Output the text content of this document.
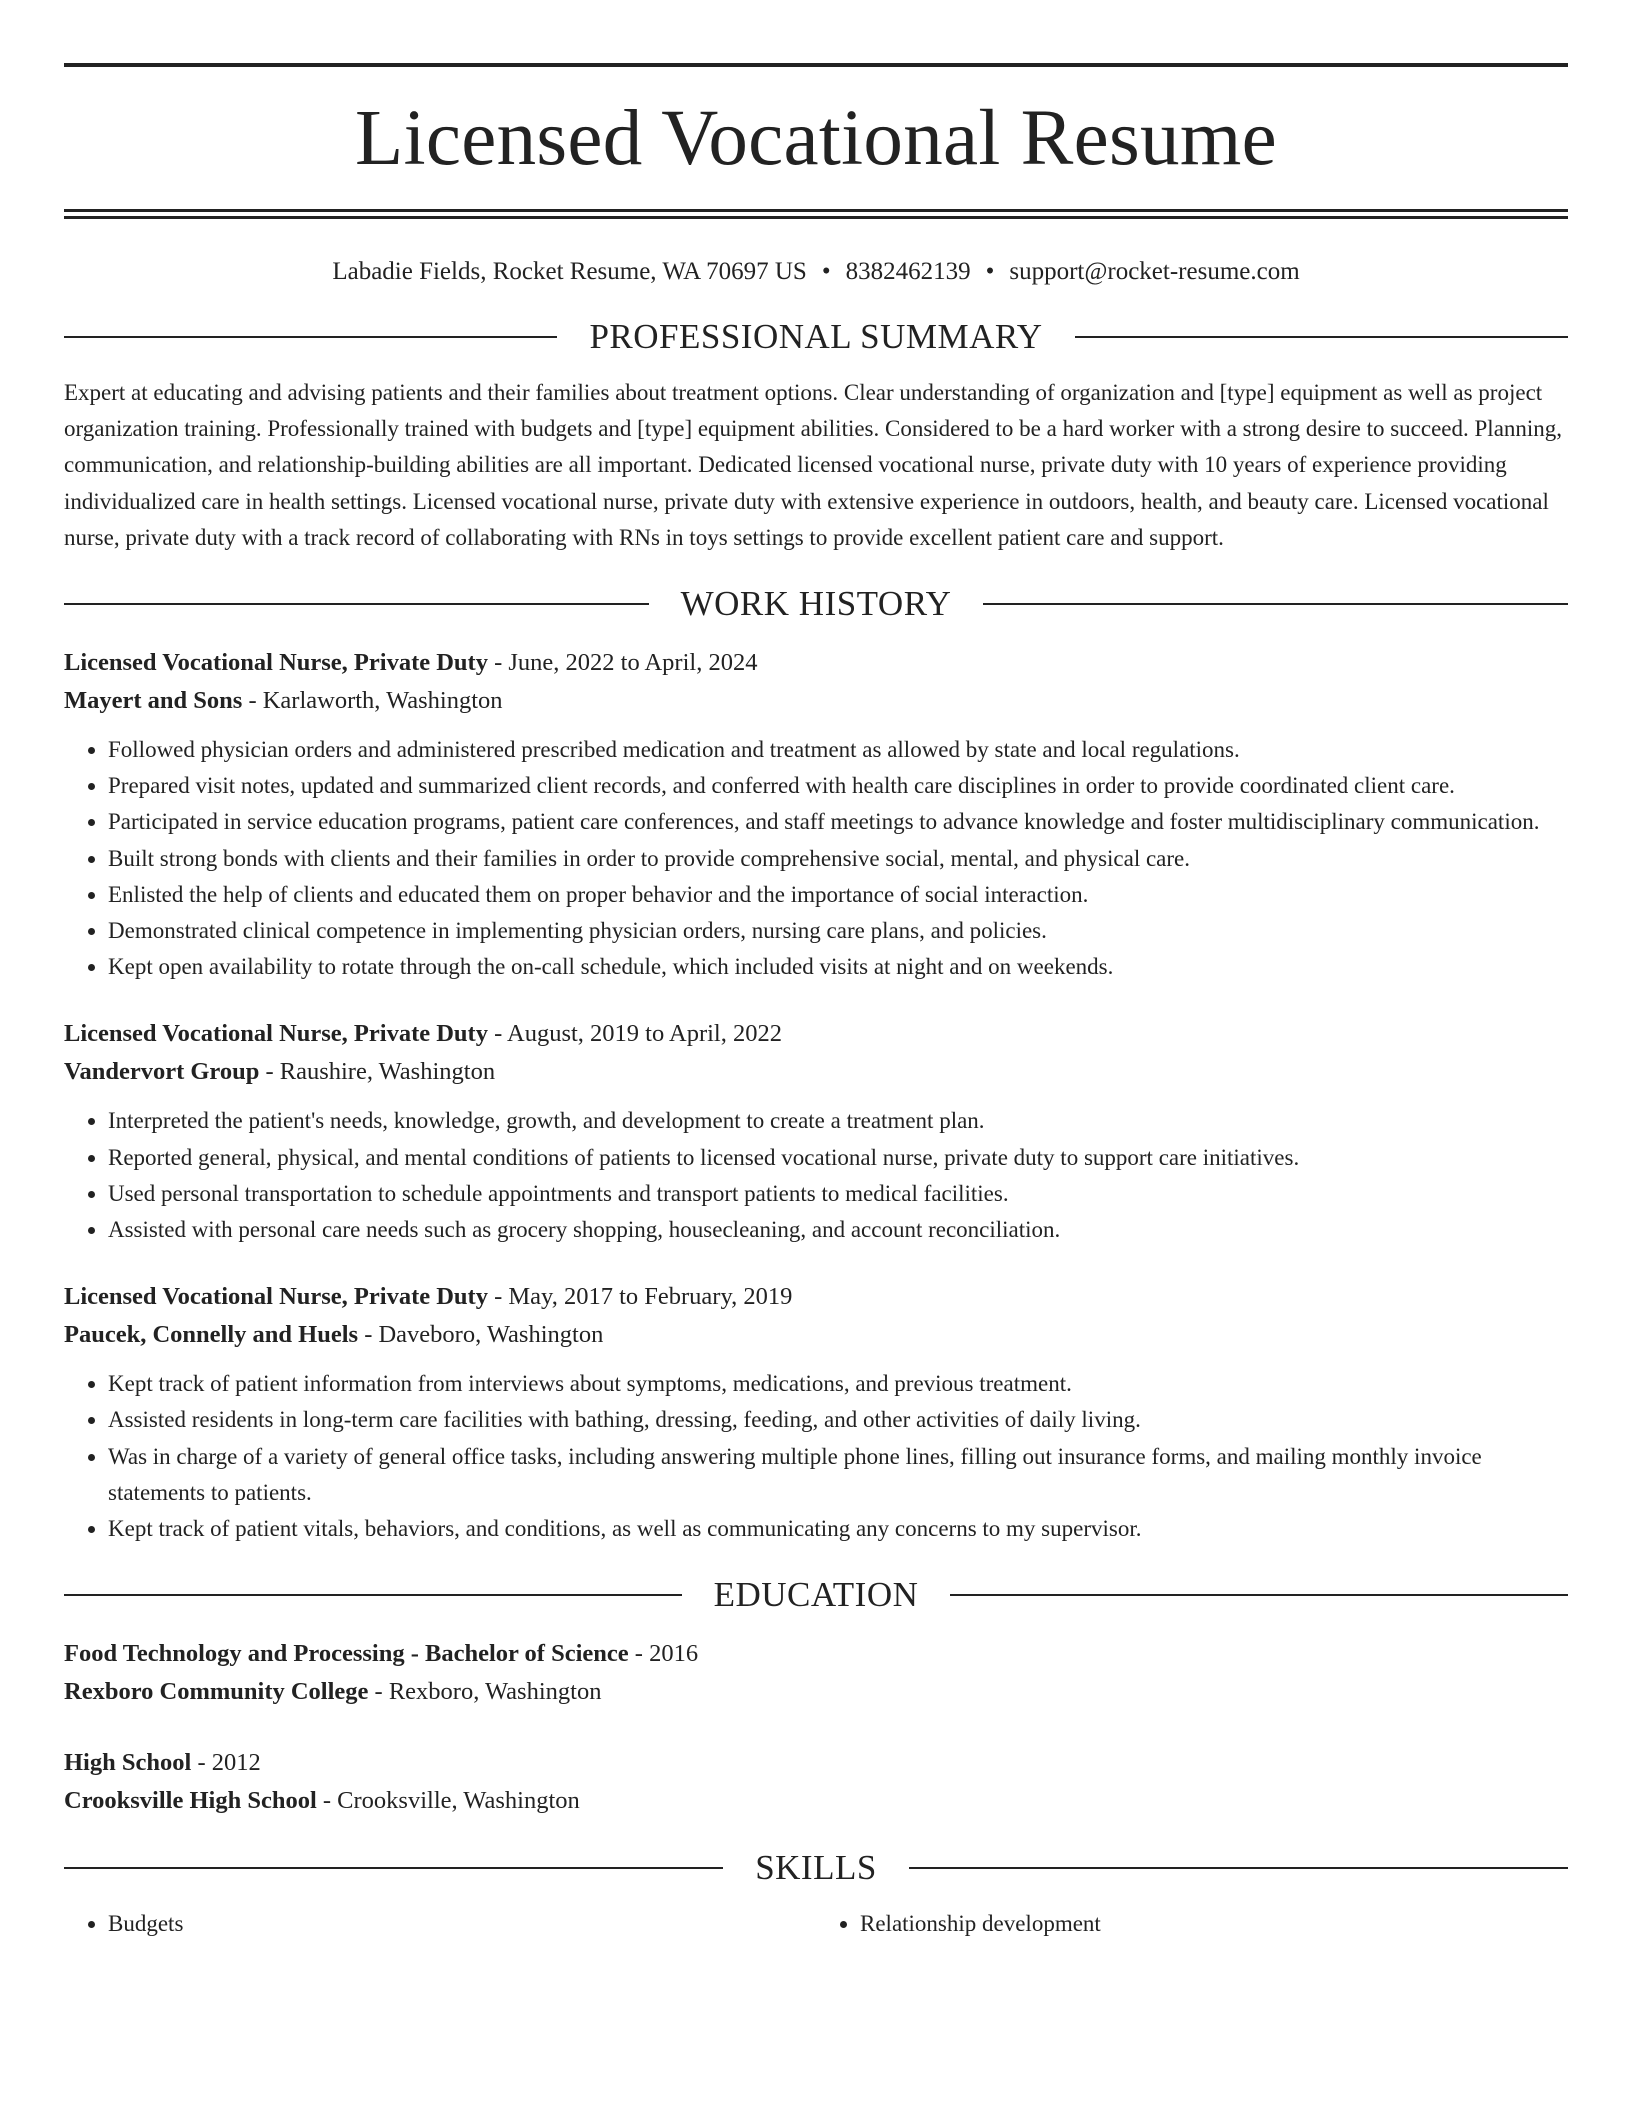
Licensed Vocational Resume
Labadie Fields, Rocket Resume, WA 70697 US • 8382462139 • support@rocket-resume.com
PROFESSIONAL SUMMARY

Expert at educating and advising patients and their families about treatment options. Clear understanding of organization and [type] equipment as well as project organization training. Professionally trained with budgets and [type] equipment abilities. Considered to be a hard worker with a strong desire to succeed. Planning, communication, and relationship-building abilities are all important. Dedicated licensed vocational nurse, private duty with 10 years of experience providing individualized care in health settings. Licensed vocational nurse, private duty with extensive experience in outdoors, health, and beauty care. Licensed vocational nurse, private duty with a track record of collaborating with RNs in toys settings to provide excellent patient care and support.

WORK HISTORY
Licensed Vocational Nurse, Private Duty - June, 2022 to April, 2024
Mayert and Sons - Karlaworth, Washington
• Followed physician orders and administered prescribed medication and treatment as allowed by state and local regulations.
• Prepared visit notes, updated and summarized client records, and conferred with health care disciplines in order to provide coordinated client care.
• Participated in service education programs, patient care conferences, and staff meetings to advance knowledge and foster multidisciplinary communication.
• Built strong bonds with clients and their families in order to provide comprehensive social, mental, and physical care.
• Enlisted the help of clients and educated them on proper behavior and the importance of social interaction.
• Demonstrated clinical competence in implementing physician orders, nursing care plans, and policies.
• Kept open availability to rotate through the on-call schedule, which included visits at night and on weekends.
Licensed Vocational Nurse, Private Duty - August, 2019 to April, 2022
Vandervort Group - Raushire, Washington
• Interpreted the patient's needs, knowledge, growth, and development to create a treatment plan.
• Reported general, physical, and mental conditions of patients to licensed vocational nurse, private duty to support care initiatives.
• Used personal transportation to schedule appointments and transport patients to medical facilities.
• Assisted with personal care needs such as grocery shopping, housecleaning, and account reconciliation.
Licensed Vocational Nurse, Private Duty - May, 2017 to February, 2019
Paucek, Connelly and Huels - Daveboro, Washington
• Kept track of patient information from interviews about symptoms, medications, and previous treatment.
• Assisted residents in long-term care facilities with bathing, dressing, feeding, and other activities of daily living.
• Was in charge of a variety of general office tasks, including answering multiple phone lines, filling out insurance forms, and mailing monthly invoice statements to patients.
• Kept track of patient vitals, behaviors, and conditions, as well as communicating any concerns to my supervisor.
EDUCATION
Food Technology and Processing - Bachelor of Science - 2016
Rexboro Community College - Rexboro, Washington
High School - 2012
Crooksville High School - Crooksville, Washington
SKILLS
• Budgets
•	Relationship development
